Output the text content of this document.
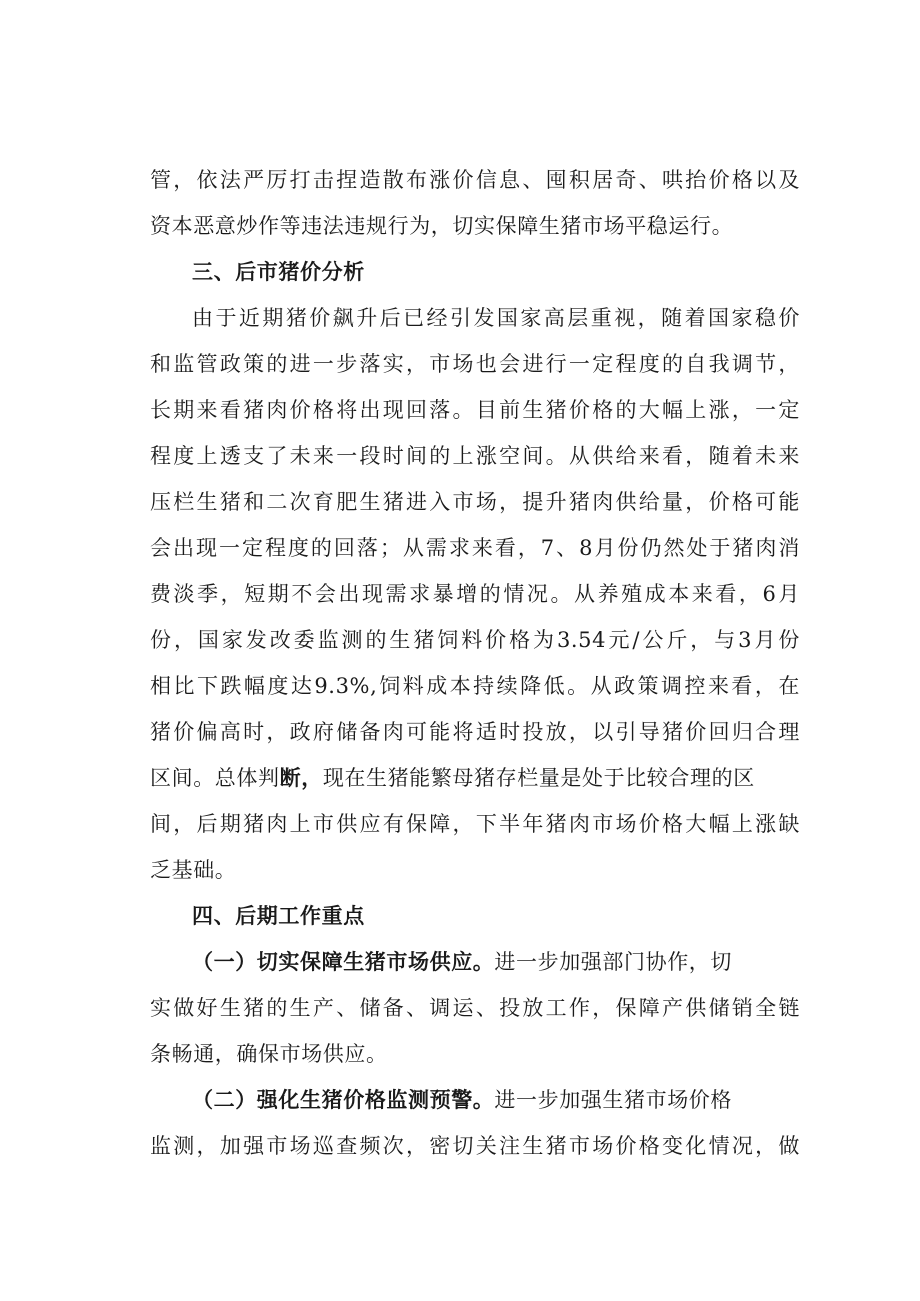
管，依法严厉打击捏造散布涨价信息、囤积居奇、哄抬价格以及
资本恶意炒作等违法违规行为，切实保障生猪市场平稳运行。
三、后市猪价分析
由于近期猪价飙升后已经引发国家高层重视，随着国家稳价
和监管政策的进一步落实，市场也会进行一定程度的自我调节，
长期来看猪肉价格将出现回落。目前生猪价格的大幅上涨，一定
程度上透支了未来一段时间的上涨空间。从供给来看，随着未来
压栏生猪和二次育肥生猪进入市场，提升猪肉供给量，价格可能
会出现一定程度的回落；从需求来看，7、8月份仍然处于猪肉消
费淡季，短期不会出现需求暴增的情况。从养殖成本来看，6月
份，国家发改委监测的生猪饲料价格为3.54元/公斤，与3月份
相比下跌幅度达9.3%,饲料成本持续降低。从政策调控来看，在
猪价偏高时，政府储备肉可能将适时投放，以引导猪价回归合理
区间。总体判断，现在生猪能繁母猪存栏量是处于比较合理的区
间，后期猪肉上市供应有保障，下半年猪肉市场价格大幅上涨缺
乏基础。
四、后期工作重点
（一）切实保障生猪市场供应。进一步加强部门协作，切
实做好生猪的生产、储备、调运、投放工作，保障产供储销全链
条畅通，确保市场供应。
（二）强化生猪价格监测预警。进一步加强生猪市场价格
监测，加强市场巡查频次，密切关注生猪市场价格变化情况，做
